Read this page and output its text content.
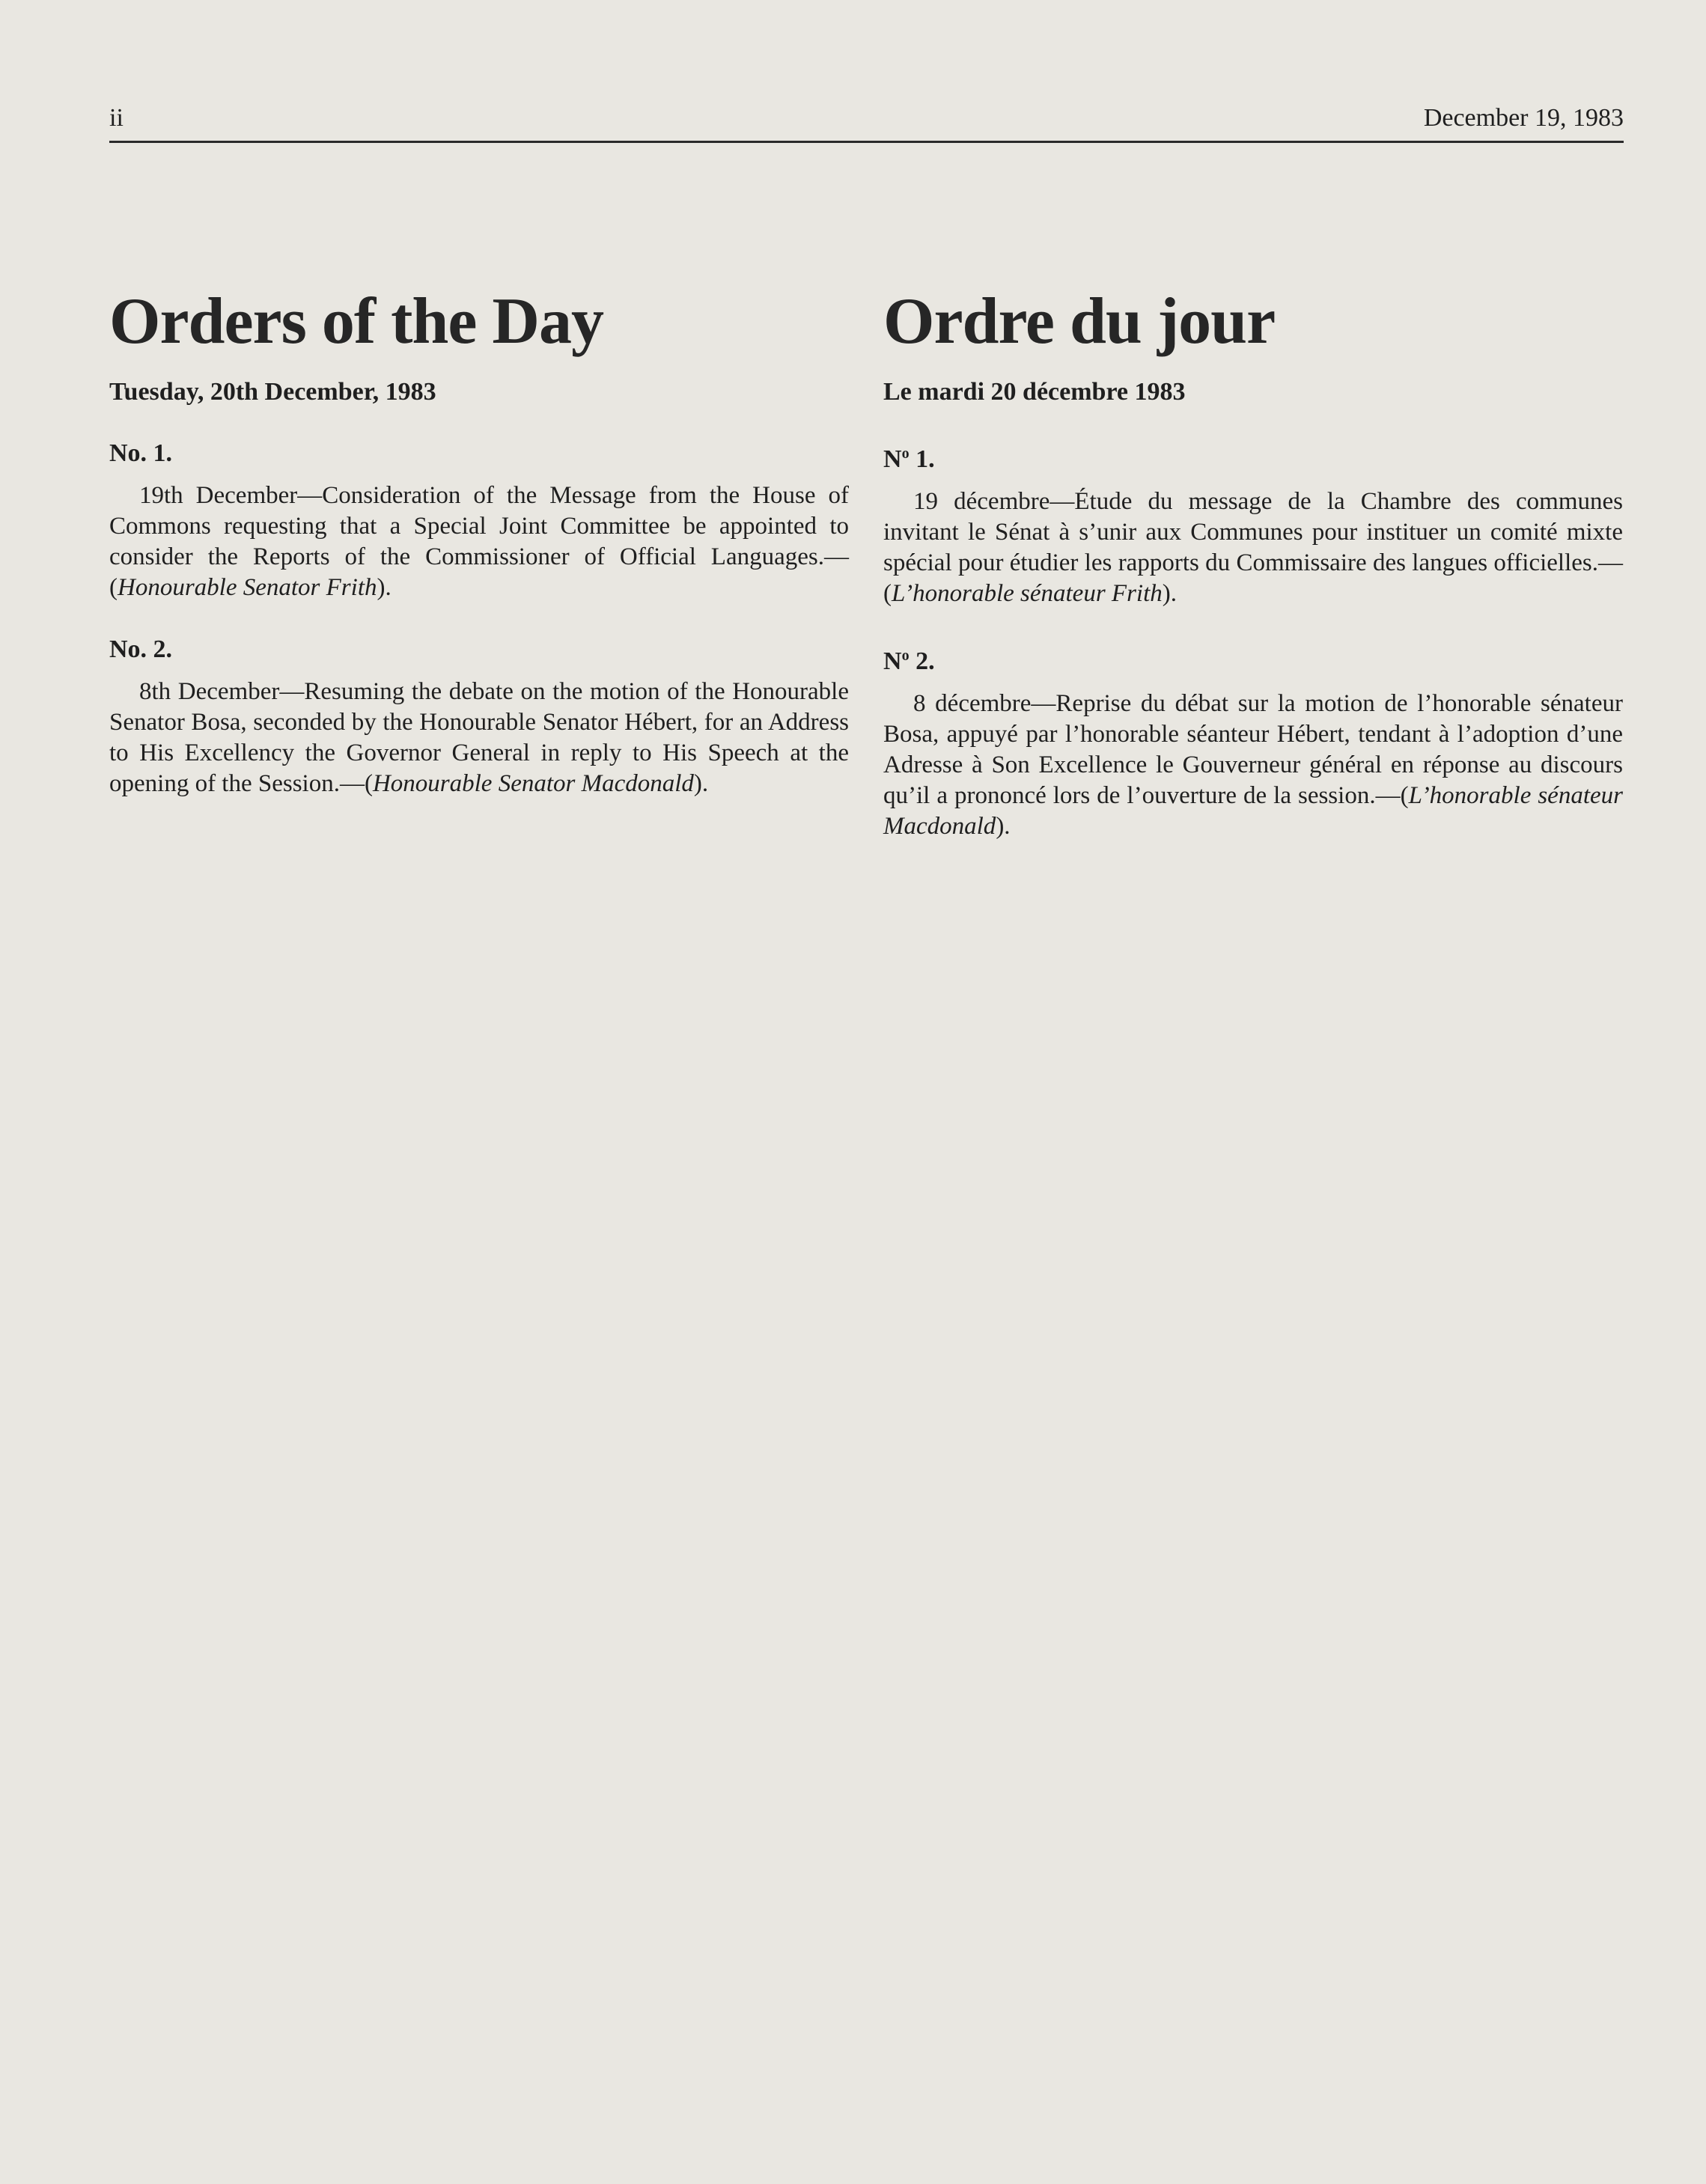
ii	December 19, 1983
Orders of the Day
Tuesday, 20th December, 1983
No. 1.

19th December—Consideration of the Message from the House of Commons requesting that a Special Joint Committee be appointed to consider the Reports of the Commissioner of Official Languages.—(Honourable Senator Frith).

No. 2.

8th December—Resuming the debate on the motion of the Honourable Senator Bosa, seconded by the Honourable Senator Hébert, for an Address to His Excellency the Governor General in reply to His Speech at the opening of the Session.—(Honourable Senator Macdonald).

Ordre du jour
Le mardi 20 décembre 1983
$N^o$ 1.

19 décembre—Étude du message de la Chambre des communes invitant le Sénat à s’unir aux Communes pour instituer un comité mixte spécial pour étudier les rapports du Commissaire des langues officielles.—(L’honorable sénateur Frith).

$N^o$ 2.

8 décembre—Reprise du débat sur la motion de l’honorable sénateur Bosa, appuyé par l’honorable séanteur Hébert, tendant à l’adoption d’une Adresse à Son Excellence le Gouverneur général en réponse au discours qu’il a prononcé lors de l’ouverture de la session.—(L’honorable sénateur Macdonald).
